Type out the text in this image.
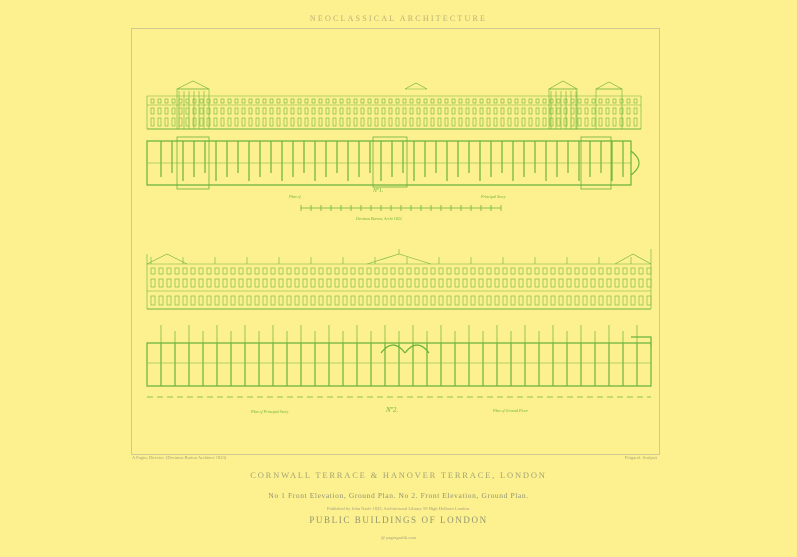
NEOCLASSICAL ARCHITECTURE
Nº1.
Plan of	Principal Story
Decimus Burton, Archt 1822
Nº2.
Plan of Principal Story	Plan of Ground Floor
A Pugin, Director. (Decimus Burton Architect 1823)	Fittgarol. Sculpsit
CORNWALL TERRACE & HANOVER TERRACE, LONDON
No 1 Front Elevation, Ground Plan. No 2. Front Elevation, Ground Plan.
Published by John Nasle 1825, Architectural Library 59 High Holborn London.
PUBLIC BUILDINGS OF LONDON
@ pagesgrafik.com
